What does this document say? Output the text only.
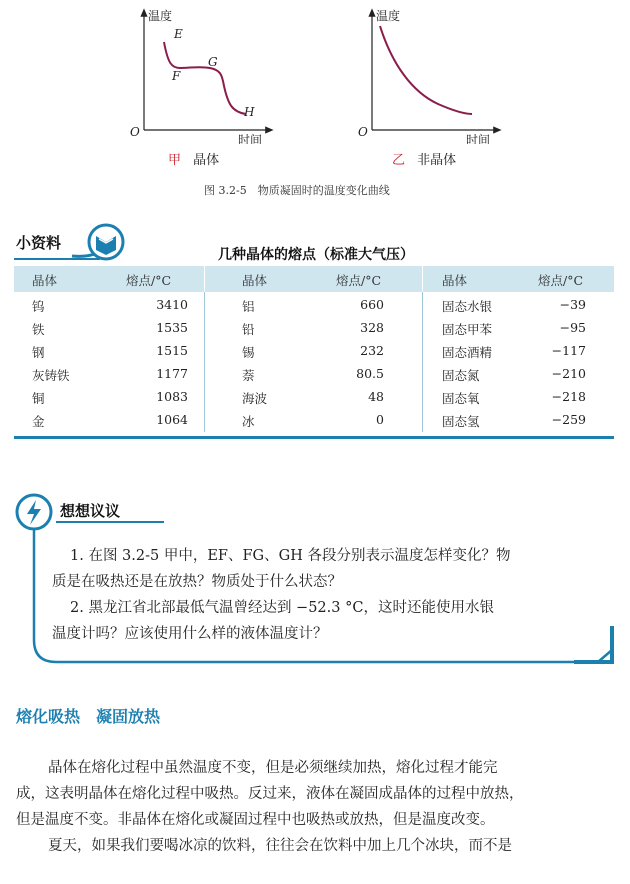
温度
O
时间
E
F
G
H
甲 晶体
温度
O
时间
乙 非晶体
图 3.2-5　物质凝固时的温度变化曲线
小资料
几种晶体的熔点（标准大气压）
晶体	熔点/°C	晶体	熔点/°C	晶体	熔点/°C
钨	3410	铝	660	固态水银	−39
铁	1535	铅	328	固态甲苯	−95
钢	1515	锡	232	固态酒精	−117
灰铸铁	1177	萘	80.5	固态氮	−210
铜	1083	海波	48	固态氧	−218
金	1064	冰	0	固态氢	−259
想想议议
1. 在图 3.2-5 甲中，EF、FG、GH 各段分别表示温度怎样变化？物
质是在吸热还是在放热？物质处于什么状态？
2. 黑龙江省北部最低气温曾经达到 −52.3 °C，这时还能使用水银
温度计吗？应该使用什么样的液体温度计？
熔化吸热　凝固放热
晶体在熔化过程中虽然温度不变，但是必须继续加热，熔化过程才能完
成，这表明晶体在熔化过程中吸热。反过来，液体在凝固成晶体的过程中放热，
但是温度不变。非晶体在熔化或凝固过程中也吸热或放热，但是温度改变。
夏天，如果我们要喝冰凉的饮料，往往会在饮料中加上几个冰块，而不是
